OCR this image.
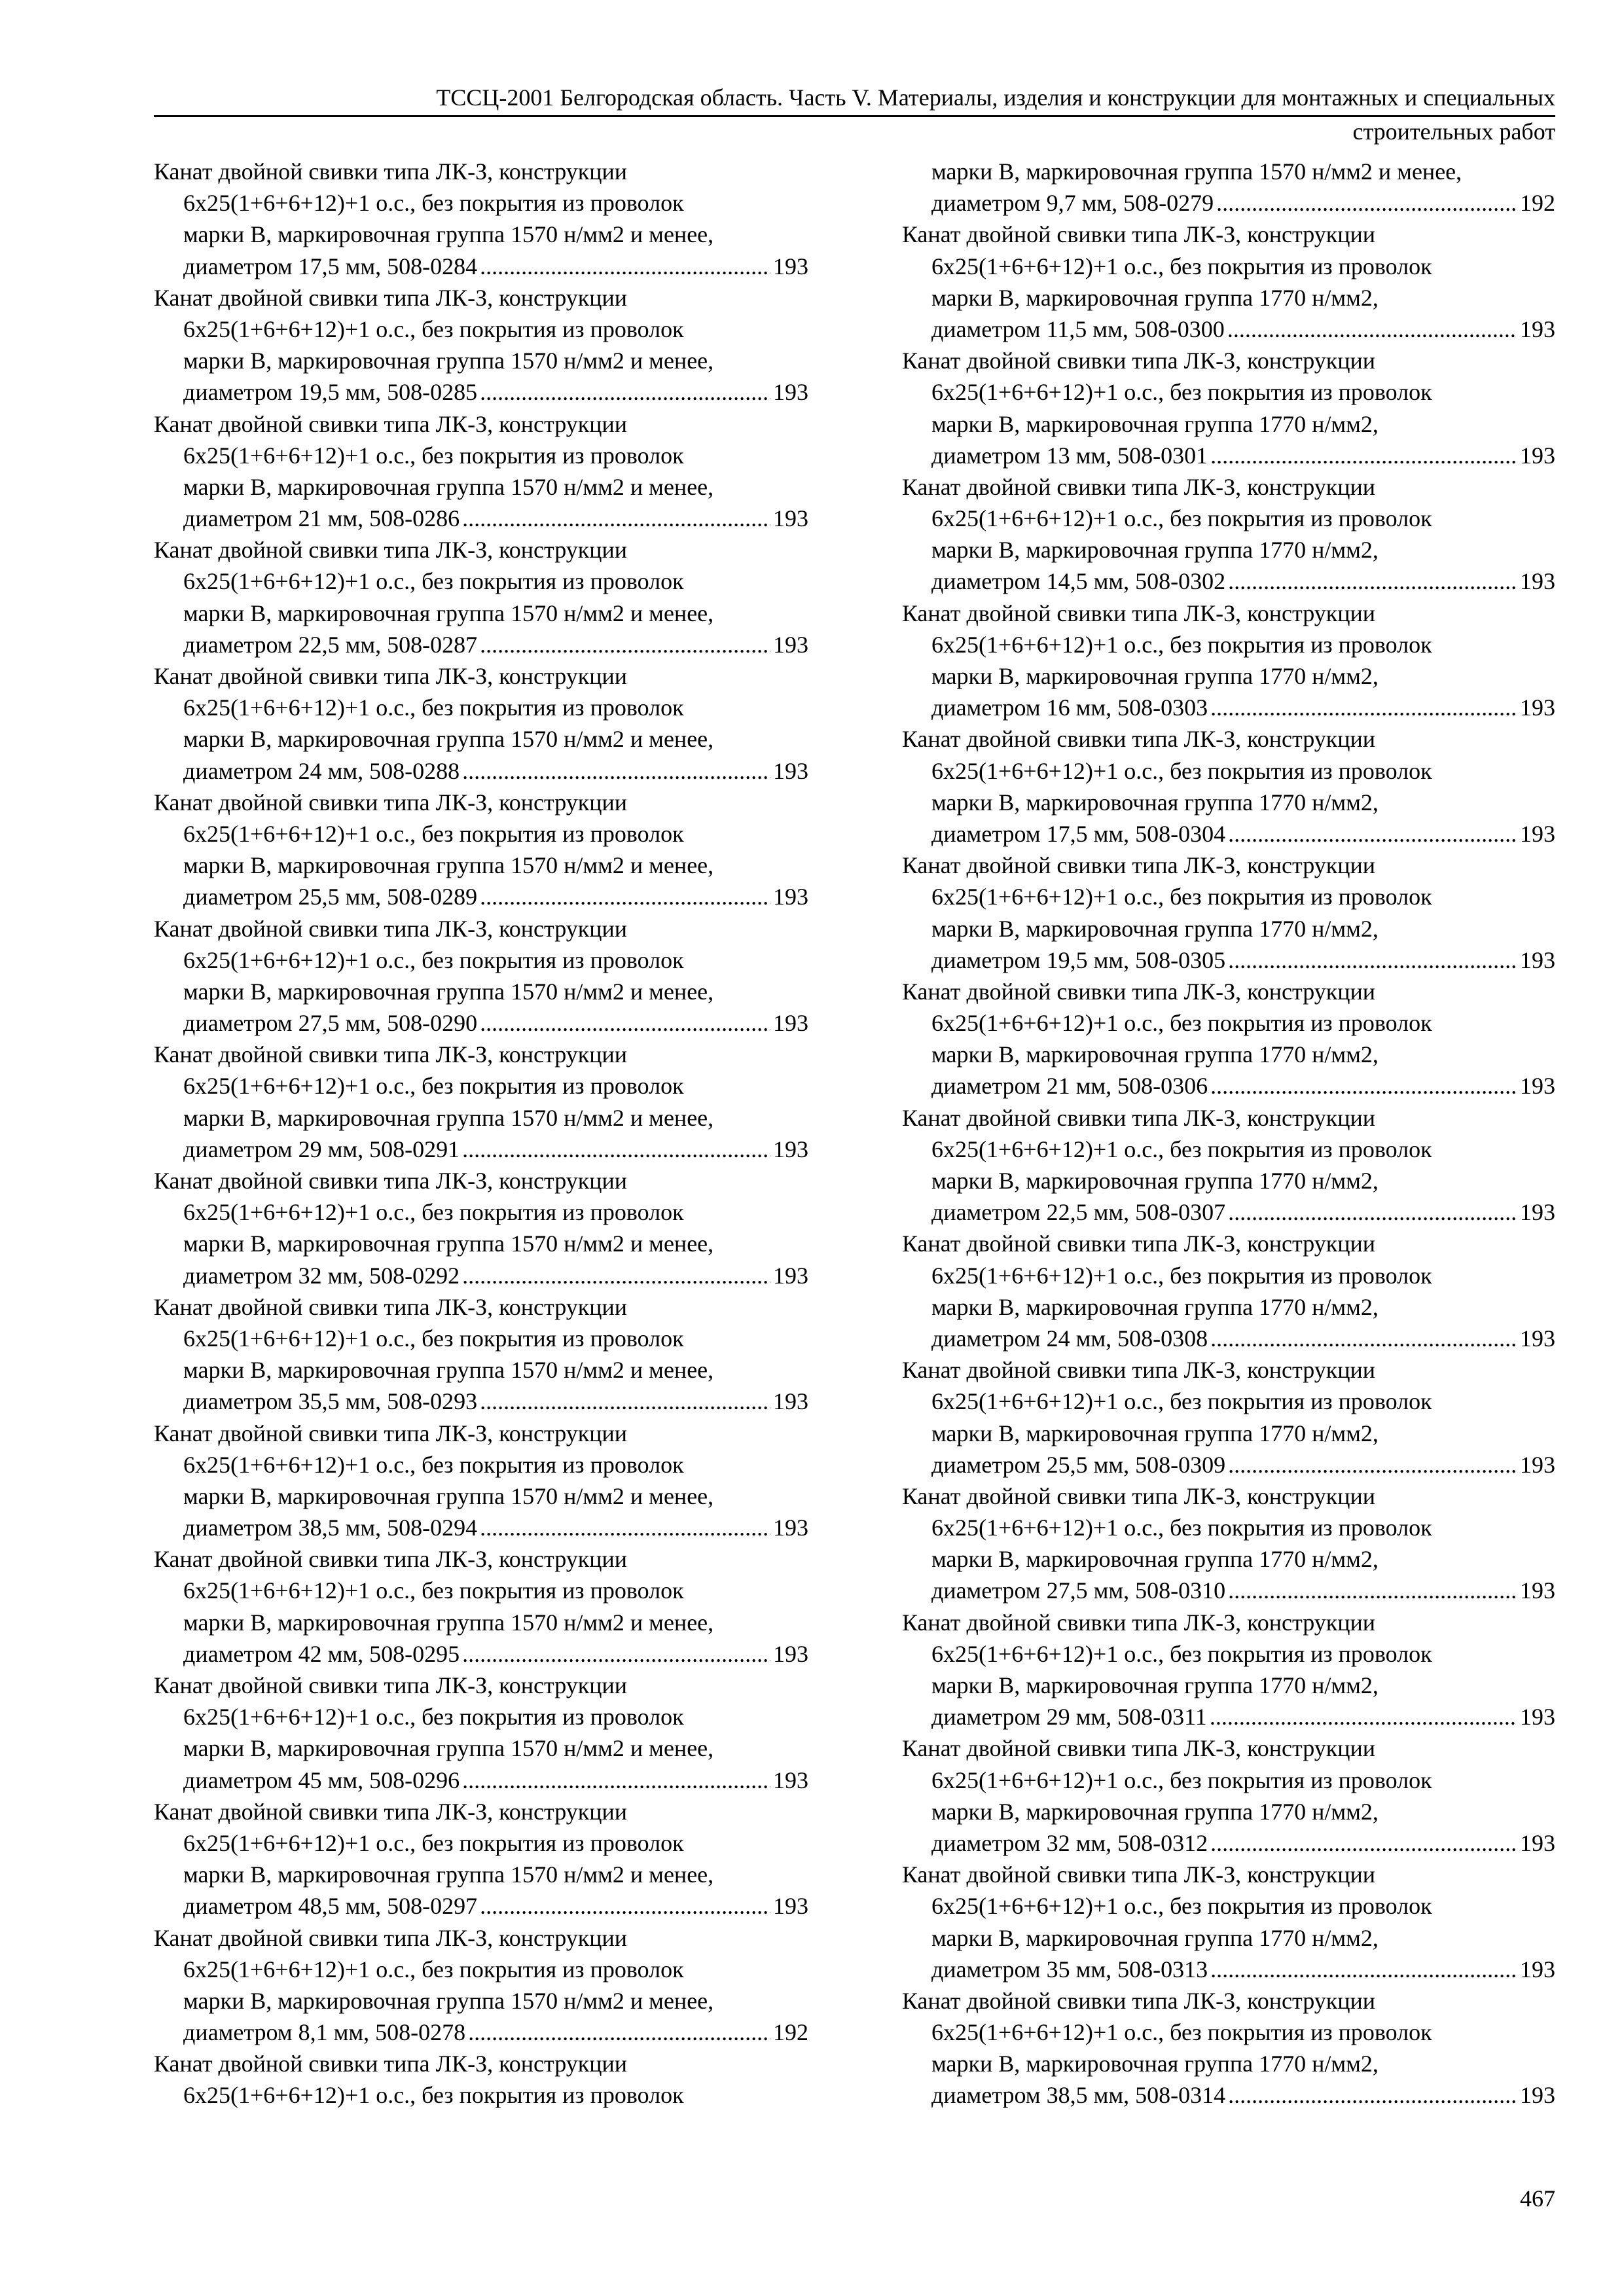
ТССЦ-2001 Белгородская область. Часть V. Материалы, изделия и конструкции для монтажных и специальных
строительных работ
Канат двойной свивки типа ЛК-З, конструкции
6х25(1+6+6+12)+1 о.с., без покрытия из проволок
марки В, маркировочная группа 1570 н/мм2 и менее,
диаметром 17,5 мм, 508-0284 .....	193
Канат двойной свивки типа ЛК-З, конструкции
6х25(1+6+6+12)+1 о.с., без покрытия из проволок
марки В, маркировочная группа 1570 н/мм2 и менее,
диаметром 19,5 мм, 508-0285 .....	193
Канат двойной свивки типа ЛК-З, конструкции
6х25(1+6+6+12)+1 о.с., без покрытия из проволок
марки В, маркировочная группа 1570 н/мм2 и менее,
диаметром 21 мм, 508-0286 .....	193
Канат двойной свивки типа ЛК-З, конструкции
6х25(1+6+6+12)+1 о.с., без покрытия из проволок
марки В, маркировочная группа 1570 н/мм2 и менее,
диаметром 22,5 мм, 508-0287 .....	193
Канат двойной свивки типа ЛК-З, конструкции
6х25(1+6+6+12)+1 о.с., без покрытия из проволок
марки В, маркировочная группа 1570 н/мм2 и менее,
диаметром 24 мм, 508-0288 .....	193
Канат двойной свивки типа ЛК-З, конструкции
6х25(1+6+6+12)+1 о.с., без покрытия из проволок
марки В, маркировочная группа 1570 н/мм2 и менее,
диаметром 25,5 мм, 508-0289 .....	193
Канат двойной свивки типа ЛК-З, конструкции
6х25(1+6+6+12)+1 о.с., без покрытия из проволок
марки В, маркировочная группа 1570 н/мм2 и менее,
диаметром 27,5 мм, 508-0290 .....	193
Канат двойной свивки типа ЛК-З, конструкции
6х25(1+6+6+12)+1 о.с., без покрытия из проволок
марки В, маркировочная группа 1570 н/мм2 и менее,
диаметром 29 мм, 508-0291 .....	193
Канат двойной свивки типа ЛК-З, конструкции
6х25(1+6+6+12)+1 о.с., без покрытия из проволок
марки В, маркировочная группа 1570 н/мм2 и менее,
диаметром 32 мм, 508-0292 .....	193
Канат двойной свивки типа ЛК-З, конструкции
6х25(1+6+6+12)+1 о.с., без покрытия из проволок
марки В, маркировочная группа 1570 н/мм2 и менее,
диаметром 35,5 мм, 508-0293 .....	193
Канат двойной свивки типа ЛК-З, конструкции
6х25(1+6+6+12)+1 о.с., без покрытия из проволок
марки В, маркировочная группа 1570 н/мм2 и менее,
диаметром 38,5 мм, 508-0294 .....	193
Канат двойной свивки типа ЛК-З, конструкции
6х25(1+6+6+12)+1 о.с., без покрытия из проволок
марки В, маркировочная группа 1570 н/мм2 и менее,
диаметром 42 мм, 508-0295 .....	193
Канат двойной свивки типа ЛК-З, конструкции
6х25(1+6+6+12)+1 о.с., без покрытия из проволок
марки В, маркировочная группа 1570 н/мм2 и менее,
диаметром 45 мм, 508-0296 .....	193
Канат двойной свивки типа ЛК-З, конструкции
6х25(1+6+6+12)+1 о.с., без покрытия из проволок
марки В, маркировочная группа 1570 н/мм2 и менее,
диаметром 48,5 мм, 508-0297 .....	193
Канат двойной свивки типа ЛК-З, конструкции
6х25(1+6+6+12)+1 о.с., без покрытия из проволок
марки В, маркировочная группа 1570 н/мм2 и менее,
диаметром 8,1 мм, 508-0278 .....	192
Канат двойной свивки типа ЛК-З, конструкции
6х25(1+6+6+12)+1 о.с., без покрытия из проволок
марки В, маркировочная группа 1570 н/мм2 и менее,
диаметром 9,7 мм, 508-0279 .....	192
Канат двойной свивки типа ЛК-З, конструкции
6х25(1+6+6+12)+1 о.с., без покрытия из проволок
марки В, маркировочная группа 1770 н/мм2,
диаметром 11,5 мм, 508-0300 .....	193
Канат двойной свивки типа ЛК-З, конструкции
6х25(1+6+6+12)+1 о.с., без покрытия из проволок
марки В, маркировочная группа 1770 н/мм2,
диаметром 13 мм, 508-0301 .....	193
Канат двойной свивки типа ЛК-З, конструкции
6х25(1+6+6+12)+1 о.с., без покрытия из проволок
марки В, маркировочная группа 1770 н/мм2,
диаметром 14,5 мм, 508-0302 .....	193
Канат двойной свивки типа ЛК-З, конструкции
6х25(1+6+6+12)+1 о.с., без покрытия из проволок
марки В, маркировочная группа 1770 н/мм2,
диаметром 16 мм, 508-0303 .....	193
Канат двойной свивки типа ЛК-З, конструкции
6х25(1+6+6+12)+1 о.с., без покрытия из проволок
марки В, маркировочная группа 1770 н/мм2,
диаметром 17,5 мм, 508-0304 .....	193
Канат двойной свивки типа ЛК-З, конструкции
6х25(1+6+6+12)+1 о.с., без покрытия из проволок
марки В, маркировочная группа 1770 н/мм2,
диаметром 19,5 мм, 508-0305 .....	193
Канат двойной свивки типа ЛК-З, конструкции
6х25(1+6+6+12)+1 о.с., без покрытия из проволок
марки В, маркировочная группа 1770 н/мм2,
диаметром 21 мм, 508-0306 .....	193
Канат двойной свивки типа ЛК-З, конструкции
6х25(1+6+6+12)+1 о.с., без покрытия из проволок
марки В, маркировочная группа 1770 н/мм2,
диаметром 22,5 мм, 508-0307 .....	193
Канат двойной свивки типа ЛК-З, конструкции
6х25(1+6+6+12)+1 о.с., без покрытия из проволок
марки В, маркировочная группа 1770 н/мм2,
диаметром 24 мм, 508-0308 .....	193
Канат двойной свивки типа ЛК-З, конструкции
6х25(1+6+6+12)+1 о.с., без покрытия из проволок
марки В, маркировочная группа 1770 н/мм2,
диаметром 25,5 мм, 508-0309 .....	193
Канат двойной свивки типа ЛК-З, конструкции
6х25(1+6+6+12)+1 о.с., без покрытия из проволок
марки В, маркировочная группа 1770 н/мм2,
диаметром 27,5 мм, 508-0310 .....	193
Канат двойной свивки типа ЛК-З, конструкции
6х25(1+6+6+12)+1 о.с., без покрытия из проволок
марки В, маркировочная группа 1770 н/мм2,
диаметром 29 мм, 508-0311 .....	193
Канат двойной свивки типа ЛК-З, конструкции
6х25(1+6+6+12)+1 о.с., без покрытия из проволок
марки В, маркировочная группа 1770 н/мм2,
диаметром 32 мм, 508-0312 .....	193
Канат двойной свивки типа ЛК-З, конструкции
6х25(1+6+6+12)+1 о.с., без покрытия из проволок
марки В, маркировочная группа 1770 н/мм2,
диаметром 35 мм, 508-0313 .....	193
Канат двойной свивки типа ЛК-З, конструкции
6х25(1+6+6+12)+1 о.с., без покрытия из проволок
марки В, маркировочная группа 1770 н/мм2,
диаметром 38,5 мм, 508-0314 .....	193
467
